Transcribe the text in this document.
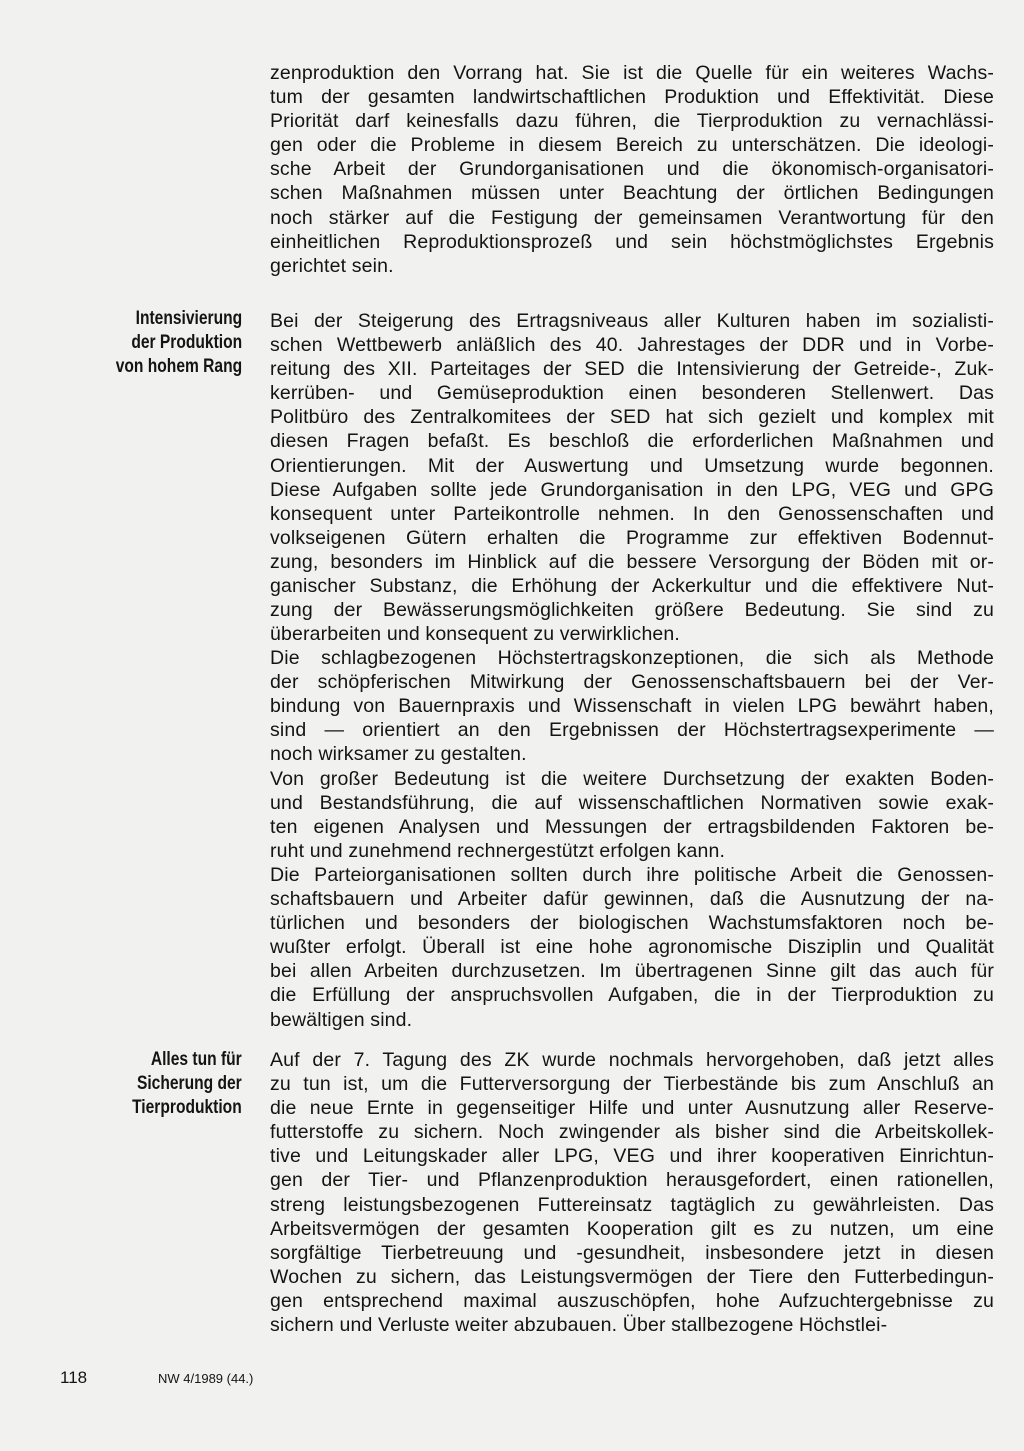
zenproduktion den Vorrang hat. Sie ist die Quelle für ein weiteres Wachs-
tum der gesamten landwirtschaftlichen Produktion und Effektivität. Diese
Priorität darf keinesfalls dazu führen, die Tierproduktion zu vernachlässi-
gen oder die Probleme in diesem Bereich zu unterschätzen. Die ideologi-
sche Arbeit der Grundorganisationen und die ökonomisch-organisatori-
schen Maßnahmen müssen unter Beachtung der örtlichen Bedingungen
noch stärker auf die Festigung der gemeinsamen Verantwortung für den
einheitlichen Reproduktionsprozeß und sein höchstmöglichstes Ergebnis
gerichtet sein.
Intensivierung
der Produktion
von hohem Rang
Bei der Steigerung des Ertragsniveaus aller Kulturen haben im sozialisti-
schen Wettbewerb anläßlich des 40. Jahrestages der DDR und in Vorbe-
reitung des XII. Parteitages der SED die Intensivierung der Getreide-, Zuk-
kerrüben- und Gemüseproduktion einen besonderen Stellenwert. Das
Politbüro des Zentralkomitees der SED hat sich gezielt und komplex mit
diesen Fragen befaßt. Es beschloß die erforderlichen Maßnahmen und
Orientierungen. Mit der Auswertung und Umsetzung wurde begonnen.
Diese Aufgaben sollte jede Grundorganisation in den LPG, VEG und GPG
konsequent unter Parteikontrolle nehmen. In den Genossenschaften und
volkseigenen Gütern erhalten die Programme zur effektiven Bodennut-
zung, besonders im Hinblick auf die bessere Versorgung der Böden mit or-
ganischer Substanz, die Erhöhung der Ackerkultur und die effektivere Nut-
zung der Bewässerungsmöglichkeiten größere Bedeutung. Sie sind zu
überarbeiten und konsequent zu verwirklichen.
Die schlagbezogenen Höchstertragskonzeptionen, die sich als Methode
der schöpferischen Mitwirkung der Genossenschaftsbauern bei der Ver-
bindung von Bauernpraxis und Wissenschaft in vielen LPG bewährt haben,
sind — orientiert an den Ergebnissen der Höchstertragsexperimente —
noch wirksamer zu gestalten.
Von großer Bedeutung ist die weitere Durchsetzung der exakten Boden-
und Bestandsführung, die auf wissenschaftlichen Normativen sowie exak-
ten eigenen Analysen und Messungen der ertragsbildenden Faktoren be-
ruht und zunehmend rechnergestützt erfolgen kann.
Die Parteiorganisationen sollten durch ihre politische Arbeit die Genossen-
schaftsbauern und Arbeiter dafür gewinnen, daß die Ausnutzung der na-
türlichen und besonders der biologischen Wachstumsfaktoren noch be-
wußter erfolgt. Überall ist eine hohe agronomische Disziplin und Qualität
bei allen Arbeiten durchzusetzen. Im übertragenen Sinne gilt das auch für
die Erfüllung der anspruchsvollen Aufgaben, die in der Tierproduktion zu
bewältigen sind.
Alles tun für
Sicherung der
Tierproduktion
Auf der 7. Tagung des ZK wurde nochmals hervorgehoben, daß jetzt alles
zu tun ist, um die Futterversorgung der Tierbestände bis zum Anschluß an
die neue Ernte in gegenseitiger Hilfe und unter Ausnutzung aller Reserve-
futterstoffe zu sichern. Noch zwingender als bisher sind die Arbeitskollek-
tive und Leitungskader aller LPG, VEG und ihrer kooperativen Einrichtun-
gen der Tier- und Pflanzenproduktion herausgefordert, einen rationellen,
streng leistungsbezogenen Futtereinsatz tagtäglich zu gewährleisten. Das
Arbeitsvermögen der gesamten Kooperation gilt es zu nutzen, um eine
sorgfältige Tierbetreuung und -gesundheit, insbesondere jetzt in diesen
Wochen zu sichern, das Leistungsvermögen der Tiere den Futterbedingun-
gen entsprechend maximal auszuschöpfen, hohe Aufzuchtergebnisse zu
sichern und Verluste weiter abzubauen. Über stallbezogene Höchstlei-
118	NW 4/1989 (44.)
